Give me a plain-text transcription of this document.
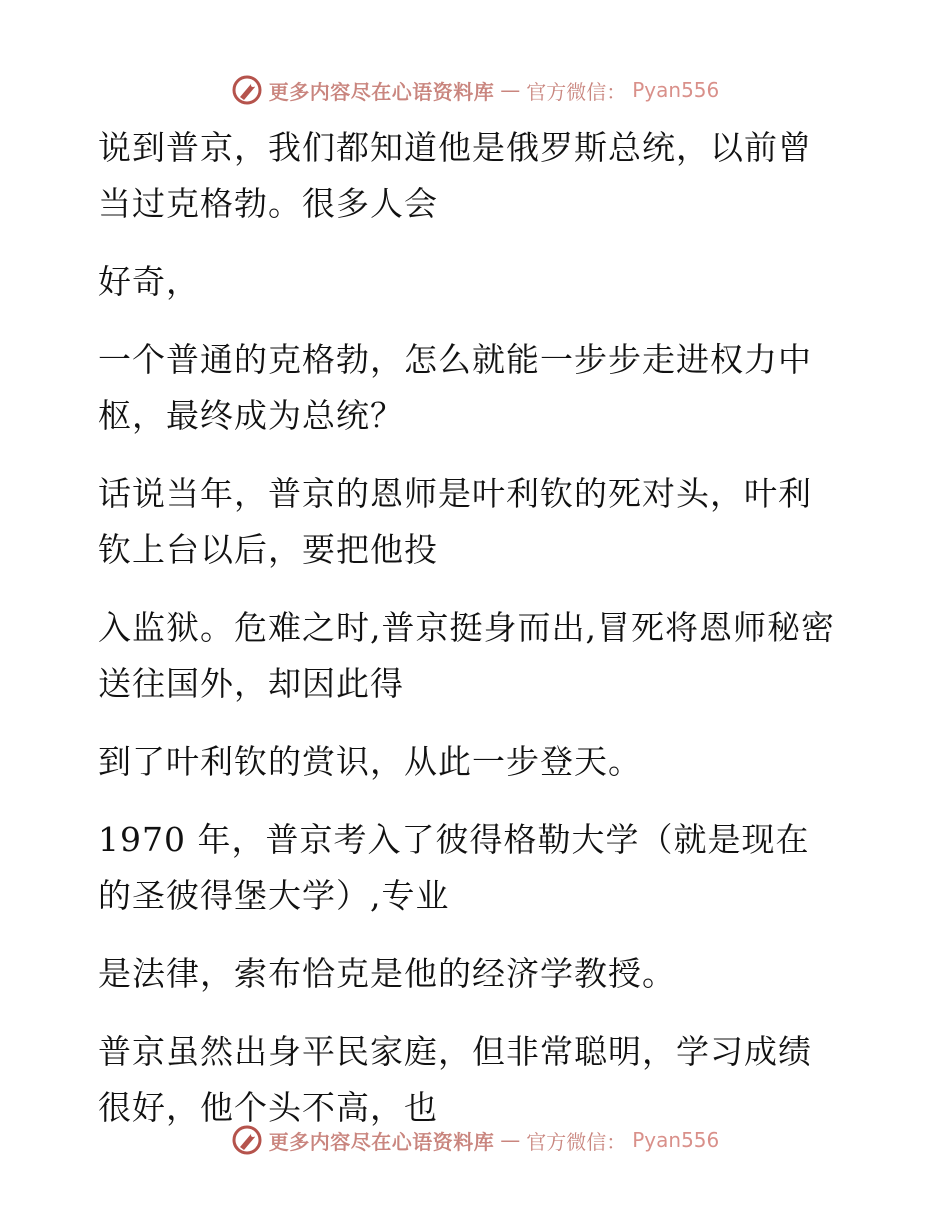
更多内容尽在心语资料库 — 官方微信： Pyan556

说到普京，我们都知道他是俄罗斯总统，以前曾当过克格勃。很多人会

好奇，

一个普通的克格勃，怎么就能一步步走进权力中枢，最终成为总统？

话说当年，普京的恩师是叶利钦的死对头，叶利钦上台以后，要把他投

入监狱。危难之时,普京挺身而出,冒死将恩师秘密送往国外，却因此得

到了叶利钦的赏识，从此一步登天。

1970 年，普京考入了彼得格勒大学（就是现在的圣彼得堡大学）,专业

是法律，索布恰克是他的经济学教授。

普京虽然出身平民家庭，但非常聪明，学习成绩很好，他个头不高，也

更多内容尽在心语资料库 — 官方微信： Pyan556
